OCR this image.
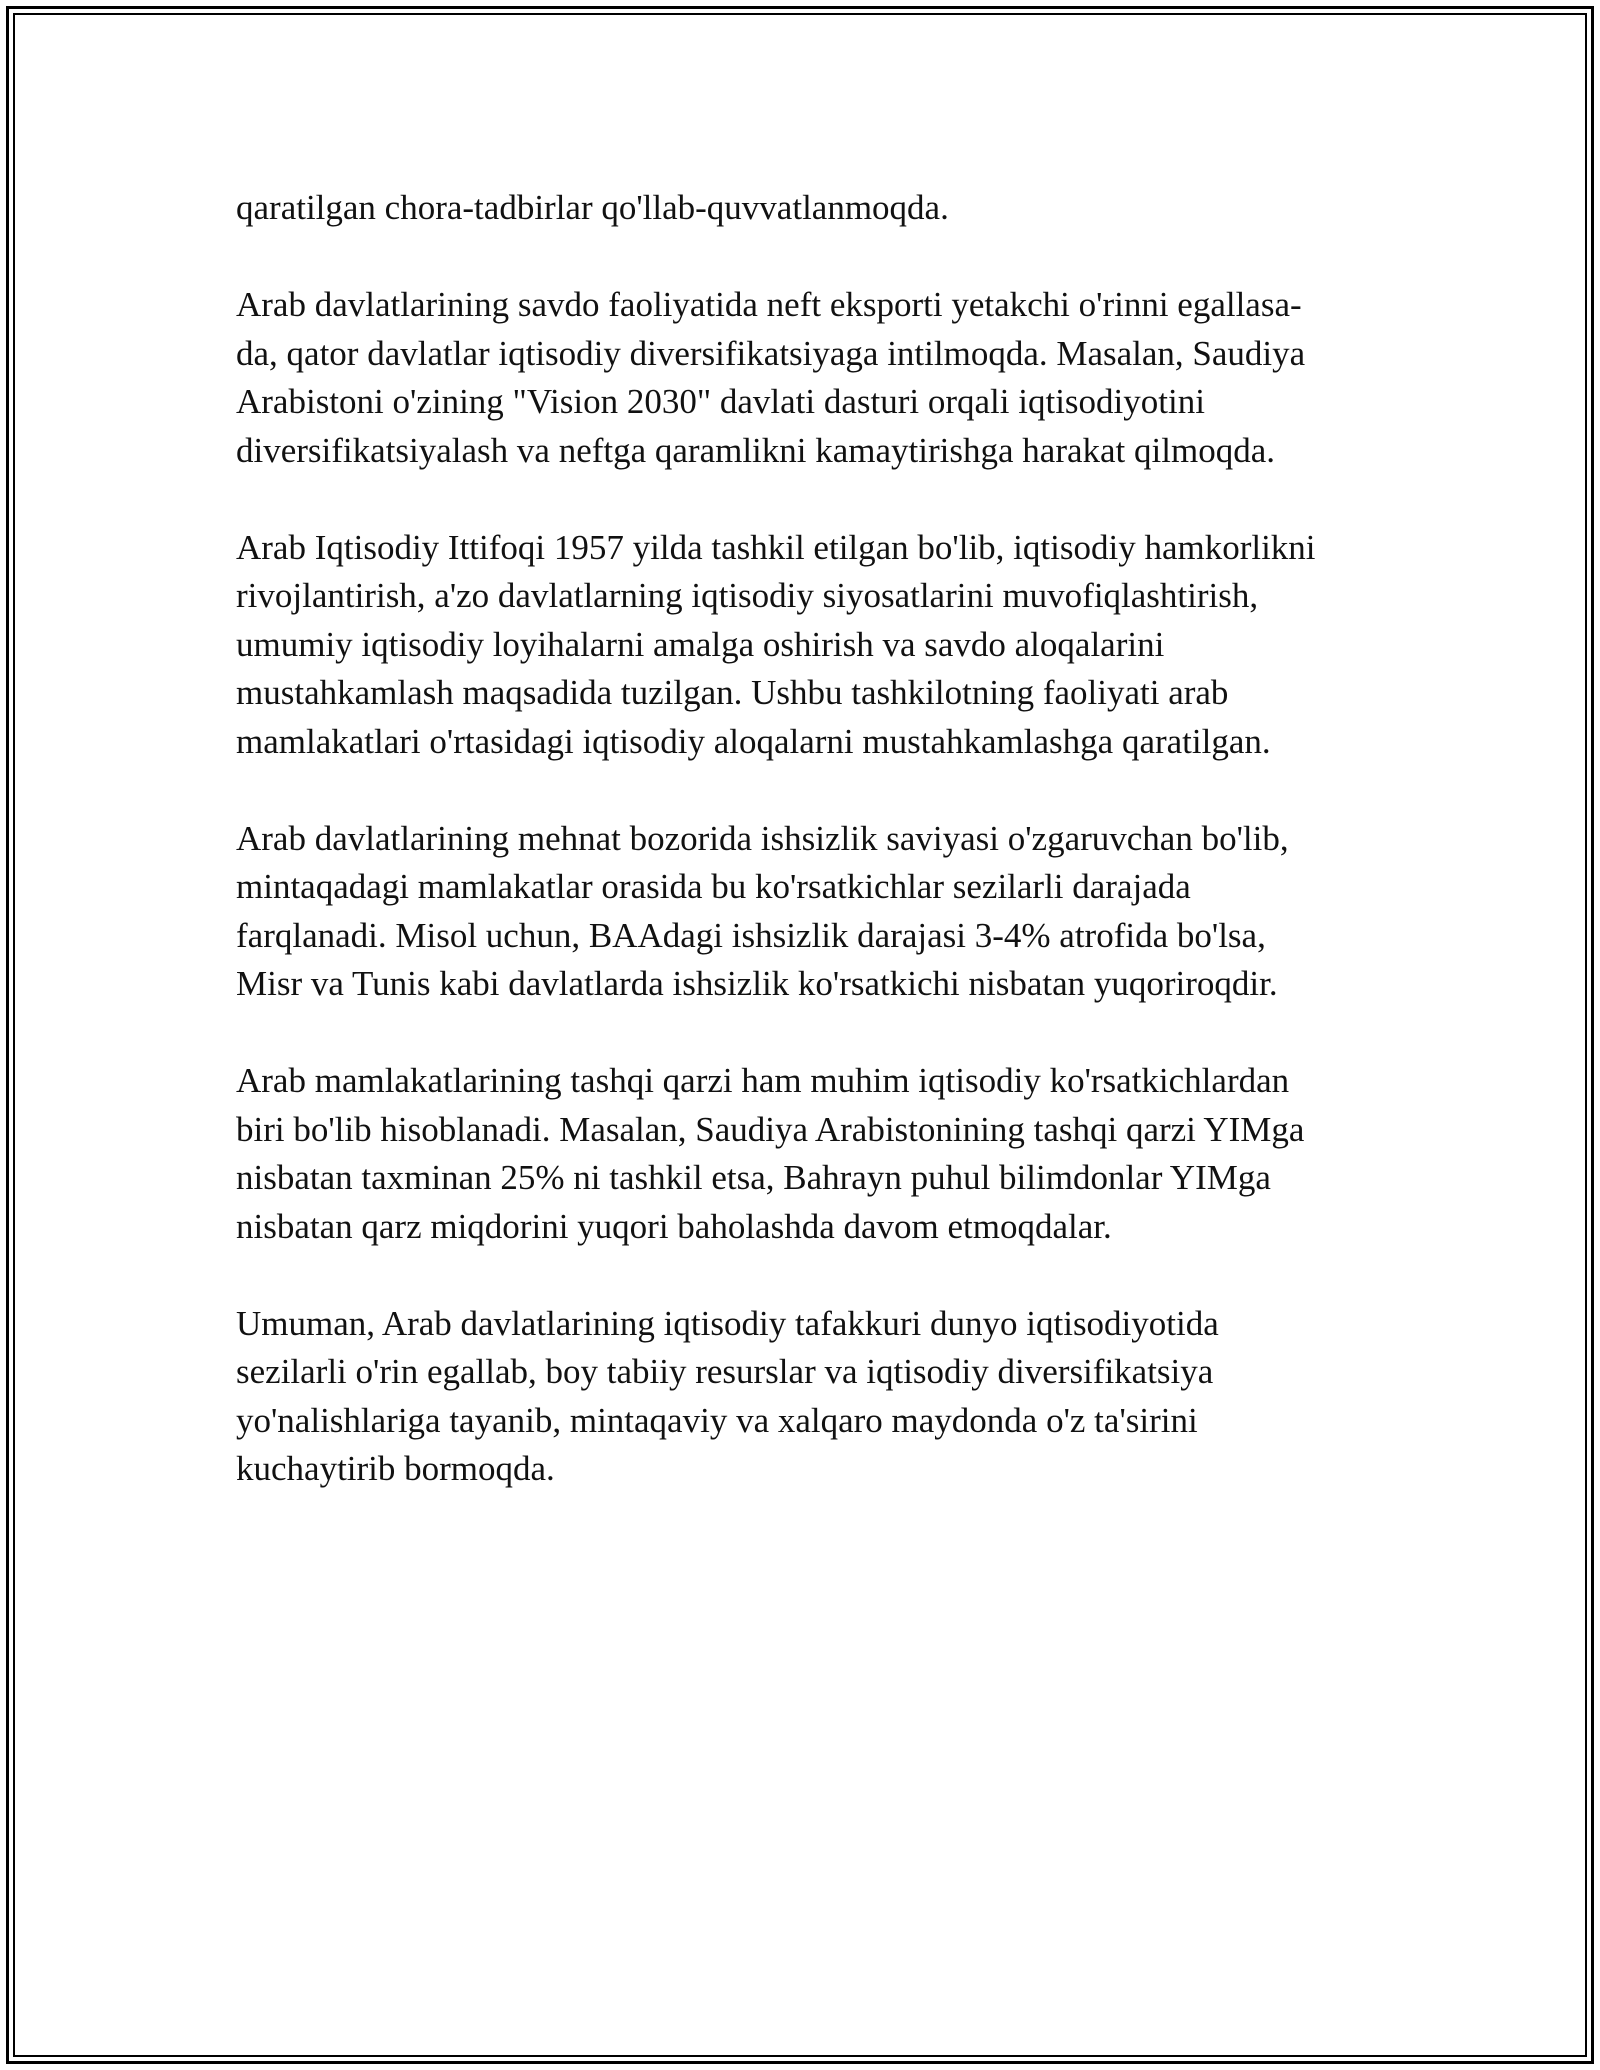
qaratilgan chora-tadbirlar qo'llab-quvvatlanmoqda.

Arab davlatlarining savdo faoliyatida neft eksporti yetakchi o'rinni egallasa-
da, qator davlatlar iqtisodiy diversifikatsiyaga intilmoqda. Masalan, Saudiya
Arabistoni o'zining "Vision 2030" davlati dasturi orqali iqtisodiyotini
diversifikatsiyalash va neftga qaramlikni kamaytirishga harakat qilmoqda.

Arab Iqtisodiy Ittifoqi 1957 yilda tashkil etilgan bo'lib, iqtisodiy hamkorlikni
rivojlantirish, a'zo davlatlarning iqtisodiy siyosatlarini muvofiqlashtirish,
umumiy iqtisodiy loyihalarni amalga oshirish va savdo aloqalarini
mustahkamlash maqsadida tuzilgan. Ushbu tashkilotning faoliyati arab
mamlakatlari o'rtasidagi iqtisodiy aloqalarni mustahkamlashga qaratilgan.

Arab davlatlarining mehnat bozorida ishsizlik saviyasi o'zgaruvchan bo'lib,
mintaqadagi mamlakatlar orasida bu ko'rsatkichlar sezilarli darajada
farqlanadi. Misol uchun, BAAdagi ishsizlik darajasi 3-4% atrofida bo'lsa,
Misr va Tunis kabi davlatlarda ishsizlik ko'rsatkichi nisbatan yuqoriroqdir.

Arab mamlakatlarining tashqi qarzi ham muhim iqtisodiy ko'rsatkichlardan
biri bo'lib hisoblanadi. Masalan, Saudiya Arabistonining tashqi qarzi YIMga
nisbatan taxminan 25% ni tashkil etsa, Bahrayn puhul bilimdonlar YIMga
nisbatan qarz miqdorini yuqori baholashda davom etmoqdalar.

Umuman, Arab davlatlarining iqtisodiy tafakkuri dunyo iqtisodiyotida
sezilarli o'rin egallab, boy tabiiy resurslar va iqtisodiy diversifikatsiya
yo'nalishlariga tayanib, mintaqaviy va xalqaro maydonda o'z ta'sirini
kuchaytirib bormoqda.
